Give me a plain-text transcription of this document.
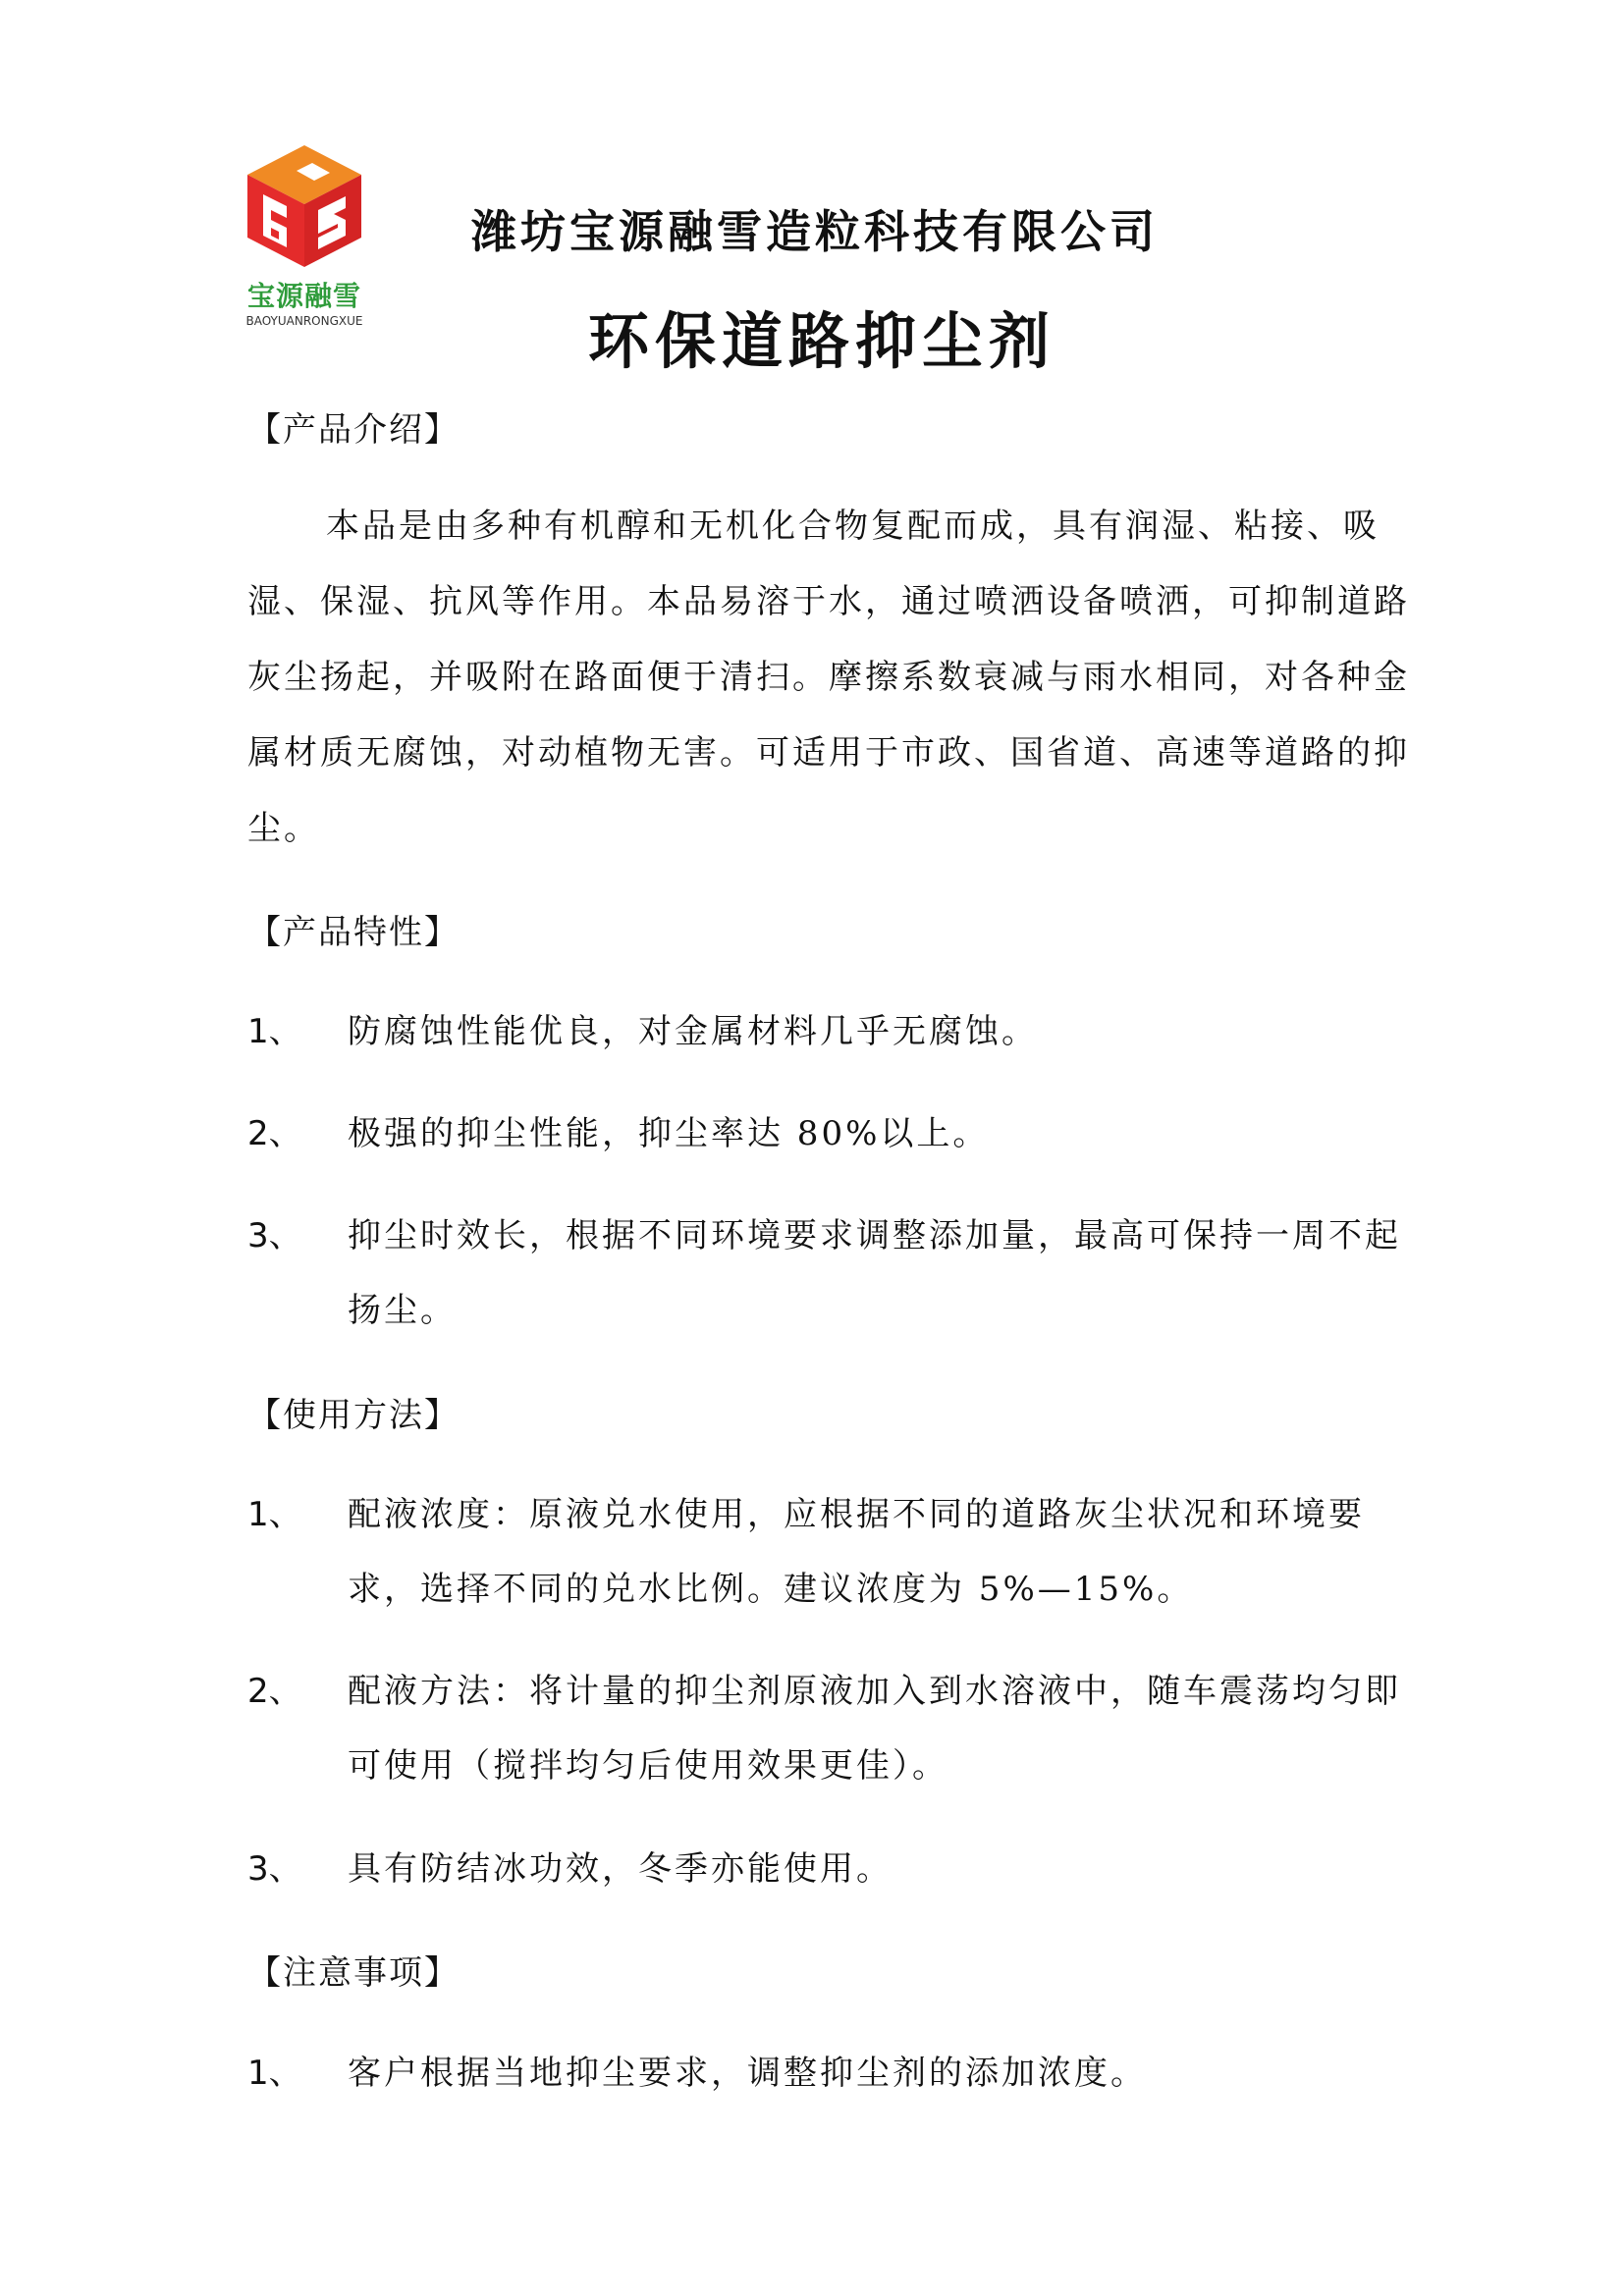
宝源融雪
BAOYUANRONGXUE
潍坊宝源融雪造粒科技有限公司
环保道路抑尘剂
【产品介绍】
本品是由多种有机醇和无机化合物复配而成，具有润湿、粘接、吸湿、保湿、抗风等作用。本品易溶于水，通过喷洒设备喷洒，可抑制道路灰尘扬起，并吸附在路面便于清扫。摩擦系数衰减与雨水相同，对各种金属材质无腐蚀，对动植物无害。可适用于市政、国省道、高速等道路的抑尘。
【产品特性】
1、 防腐蚀性能优良，对金属材料几乎无腐蚀。
2、 极强的抑尘性能，抑尘率达 80%以上。
3、 抑尘时效长，根据不同环境要求调整添加量，最高可保持一周不起扬尘。
【使用方法】
1、 配液浓度：原液兑水使用，应根据不同的道路灰尘状况和环境要求，选择不同的兑水比例。建议浓度为 5%—15%。
2、 配液方法：将计量的抑尘剂原液加入到水溶液中，随车震荡均匀即可使用（搅拌均匀后使用效果更佳）。
3、 具有防结冰功效，冬季亦能使用。
【注意事项】
1、 客户根据当地抑尘要求，调整抑尘剂的添加浓度。
